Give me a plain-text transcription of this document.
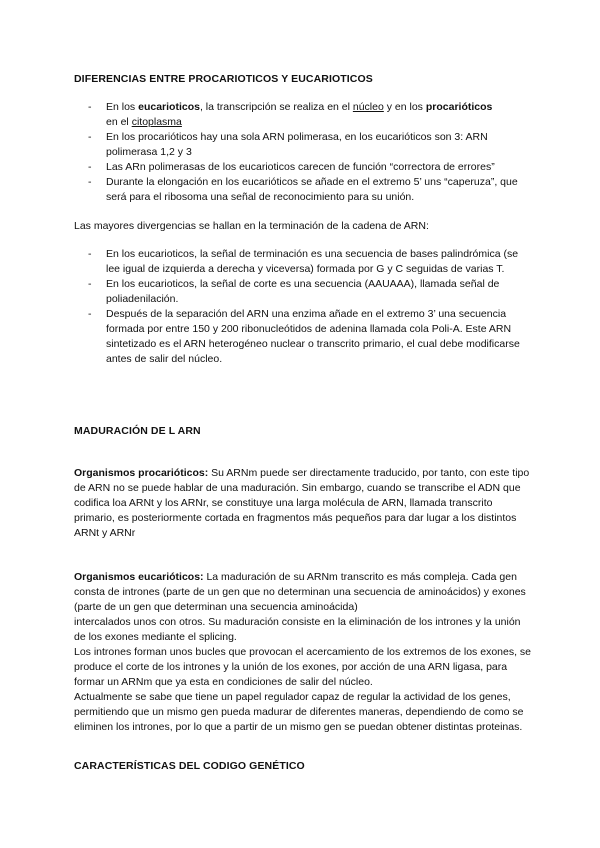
DIFERENCIAS ENTRE PROCARIOTICOS Y EUCARIOTICOS
- En los eucarioticos, la transcripción se realiza en el núcleo y en los procarióticos
en el citoplasma
- En los procarióticos hay una sola ARN polimerasa, en los eucarióticos son 3: ARN polimerasa 1,2 y 3
- Las ARn polimerasas de los eucarioticos carecen de función “correctora de errores”
- Durante la elongación en los eucarióticos se añade en el extremo 5’ uns “caperuza”, que será para el ribosoma una señal de reconocimiento para su unión.

Las mayores divergencias se hallan en la terminación de la cadena de ARN:

- En los eucarioticos, la señal de terminación es una secuencia de bases palindrómica (se lee igual de izquierda a derecha y viceversa) formada por G y C seguidas de varias T.
- En los eucarioticos, la señal de corte es una secuencia (AAUAAA), llamada señal de poliadenilación.
- Después de la separación del ARN una enzima añade en el extremo 3’ una secuencia formada por entre 150 y 200 ribonucleótidos de adenina llamada cola Poli-A. Este ARN sintetizado es el ARN heterogéneo nuclear o transcrito primario, el cual debe modificarse antes de salir del núcleo.
MADURACIÓN DE L ARN

Organismos procarióticos: Su ARNm puede ser directamente traducido, por tanto, con este tipo de ARN no se puede hablar de una maduración. Sin embargo, cuando se transcribe el ADN que codifica loa ARNt y los ARNr, se constituye una larga molécula de ARN, llamada transcrito primario, es posteriormente cortada en fragmentos más pequeños para dar lugar a los distintos ARNt y ARNr

Organismos eucarióticos: La maduración de su ARNm transcrito es más compleja. Cada gen consta de intrones (parte de un gen que no determinan una secuencia de aminoácidos) y exones (parte de un gen que determinan una secuencia aminoácida)
intercalados unos con otros. Su maduración consiste en la eliminación de los intrones y la unión de los exones mediante el splicing.
Los intrones forman unos bucles que provocan el acercamiento de los extremos de los exones, se produce el corte de los intrones y la unión de los exones, por acción de una ARN ligasa, para formar un ARNm que ya esta en condiciones de salir del núcleo.
Actualmente se sabe que tiene un papel regulador capaz de regular la actividad de los genes, permitiendo que un mismo gen pueda madurar de diferentes maneras, dependiendo de como se eliminen los intrones, por lo que a partir de un mismo gen se puedan obtener distintas proteinas.

CARACTERÍSTICAS DEL CODIGO GENÉTICO
